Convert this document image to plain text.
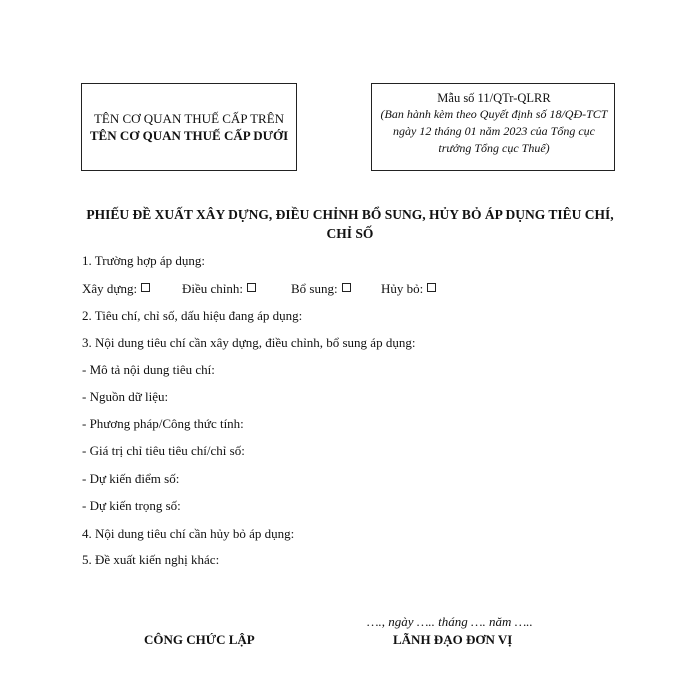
TÊN CƠ QUAN THUẾ CẤP TRÊN
TÊN CƠ QUAN THUẾ CẤP DƯỚI
Mẫu số 11/QTr-QLRR
(Ban hành kèm theo Quyết định số 18/QĐ-TCT ngày 12 tháng 01 năm 2023 của Tổng cục trưởng Tổng cục Thuế)
PHIẾU ĐỀ XUẤT XÂY DỰNG, ĐIỀU CHỈNH BỔ SUNG, HỦY BỎ ÁP DỤNG TIÊU CHÍ, CHỈ SỐ
1. Trường hợp áp dụng:
Xây dựng:	Điều chỉnh:	Bổ sung:	Hủy bỏ:
2. Tiêu chí, chỉ số, dấu hiệu đang áp dụng:
3. Nội dung tiêu chí cần xây dựng, điều chỉnh, bổ sung áp dụng:
- Mô tả nội dung tiêu chí:
- Nguồn dữ liệu:
- Phương pháp/Công thức tính:
- Giá trị chỉ tiêu tiêu chí/chỉ số:
- Dự kiến điểm số:
- Dự kiến trọng số:
4. Nội dung tiêu chí cần hủy bỏ áp dụng:
5. Đề xuất kiến nghị khác:
…., ngày ….. tháng …. năm …..
CÔNG CHỨC LẬP	LÃNH ĐẠO ĐƠN VỊ
